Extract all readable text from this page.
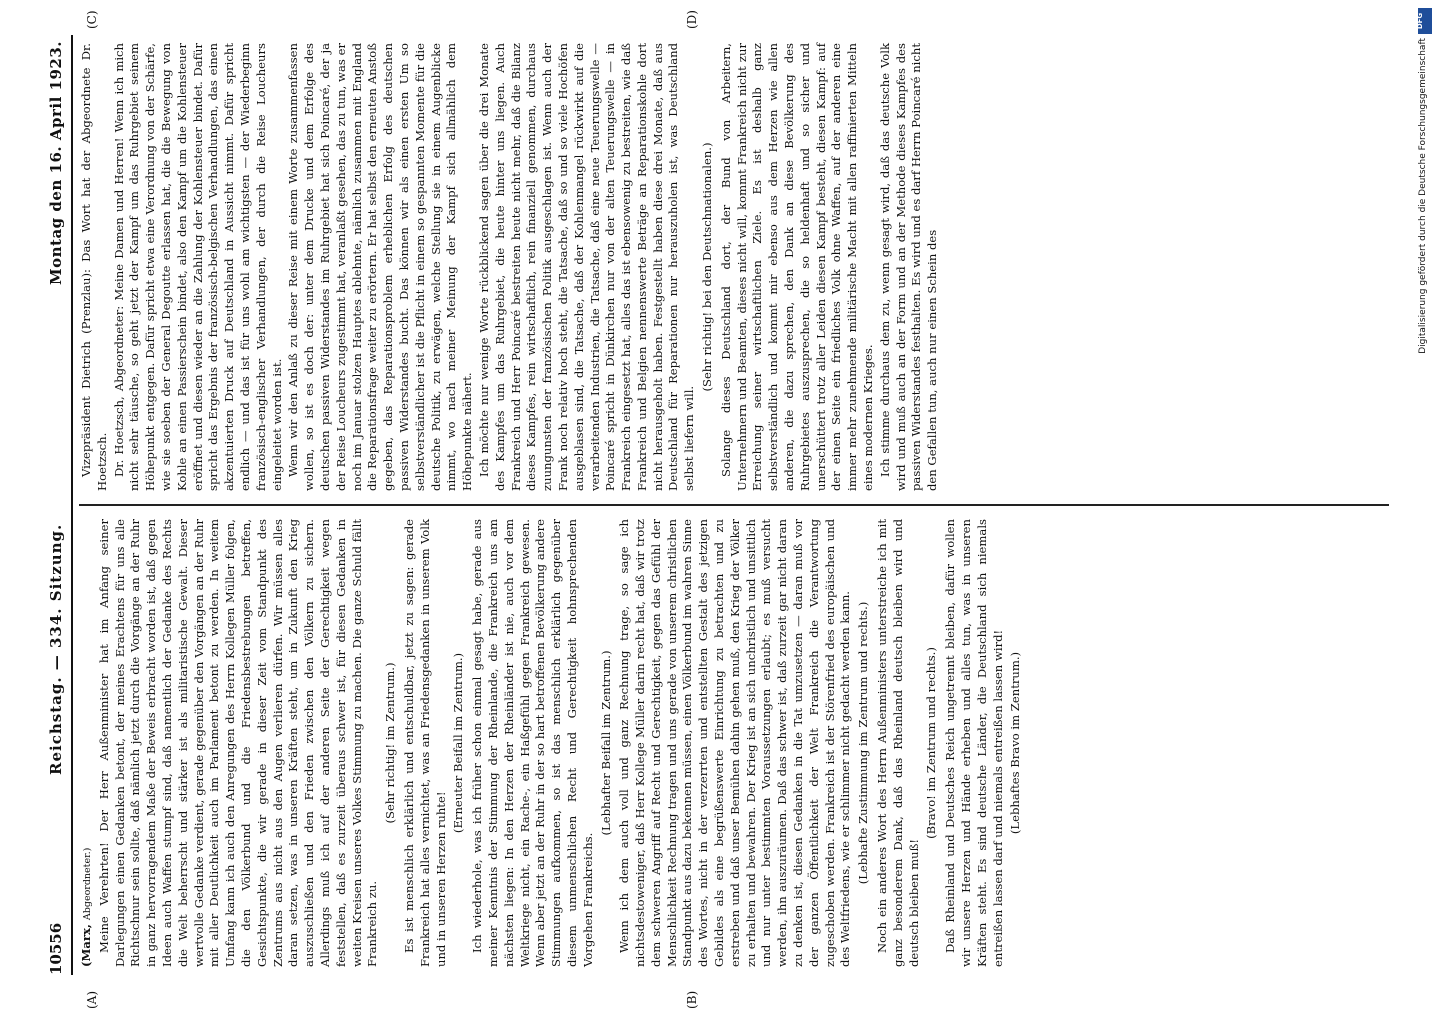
10556
Reichstag. — 334. Sitzung.
Montag den 16. April 1923.
(A)	(B)
(C)	(D)

(Marx, Abgeordneter.) Meine Verehrten! Der Herr Außenminister hat im Anfang seiner Darlegungen einen Gedanken betont, der meines Erachtens für uns alle Richtschnur sein sollte, daß nämlich jetzt durch die Vorgänge an der Ruhr in ganz hervorragendem Maße der Beweis erbracht worden ist, daß gegen Ideen auch Waffen stumpf sind, daß namentlich der Gedanke des Rechts die Welt beherrscht und stärker ist als militaristische Gewalt. Dieser wertvolle Gedanke verdient, gerade gegenüber den Vorgängen an der Ruhr mit aller Deutlichkeit auch im Parlament betont zu werden. In weitem Umfang kann ich auch den Anregungen des Herrn Kollegen Müller folgen, die den Völkerbund und die Friedensbestrebungen betreffen, Gesichtspunkte, die wir gerade in dieser Zeit vom Standpunkt des Zentrums aus nicht aus den Augen verlieren dürfen. Wir müssen alles daran setzen, was in unseren Kräften steht, um in Zukunft den Krieg auszuschließen und den Frieden zwischen den Völkern zu sichern. Allerdings muß ich auf der anderen Seite der Gerechtigkeit wegen feststellen, daß es zurzeit überaus schwer ist, für diesen Gedanken in weiten Kreisen unseres Volkes Stimmung zu machen. Die ganze Schuld fällt Frankreich zu.

(Sehr richtig! im Zentrum.) Es ist menschlich erklärlich und entschuldbar, jetzt zu sagen: gerade Frankreich hat alles vernichtet, was an Friedensgedanken in unserem Volk und in unseren Herzen ruhte!

(Erneuter Beifall im Zentrum.) Ich wiederhole, was ich früher schon einmal gesagt habe, gerade aus meiner Kenntnis der Stimmung der Rheinlande, die Frankreich uns am nächsten liegen: In den Herzen der Rheinländer ist nie, auch vor dem Weltkriege nicht, ein Rache-, ein Haßgefühl gegen Frankreich gewesen. Wenn aber jetzt an der Ruhr in der so hart betroffenen Bevölkerung andere Stimmungen aufkommen, so ist das menschlich erklärlich gegenüber diesem unmenschlichen Recht und Gerechtigkeit hohnsprechenden Vorgehen Frankreichs.

(Lebhafter Beifall im Zentrum.) Wenn ich dem auch voll und ganz Rechnung trage, so sage ich nichtsdestoweniger, daß Herr Kollege Müller darin recht hat, daß wir trotz dem schweren Angriff auf Recht und Gerechtigkeit, gegen das Gefühl der Menschlichkeit Rechnung tragen und uns gerade von unserem christlichen Standpunkt aus dazu bekennen müssen, einen Völkerbund im wahren Sinne des Wortes, nicht in der verzerrten und entstellten Gestalt des jetzigen Gebildes als eine begrüßenswerte Einrichtung zu betrachten und zu erstreben und daß unser Bemühen dahin gehen muß, den Krieg der Völker zu erhalten und bewahren. Der Krieg ist an sich unchristlich und unsittlich und nur unter bestimmten Voraussetzungen erlaubt; es muß versucht werden, ihn auszuräumen. Daß das schwer ist, daß zurzeit gar nicht daran zu denken ist, diesen Gedanken in die Tat umzusetzen — daran muß vor der ganzen Öffentlichkeit der Welt Frankreich die Verantwortung zugeschoben werden. Frankreich ist der Störenfried des europäischen und des Weltfriedens, wie er schlimmer nicht gedacht werden kann. (Lebhafte Zustimmung im Zentrum und rechts.) Noch ein anderes Wort des Herrn Außenministers unterstreiche ich mit ganz besonderem Dank, daß das Rheinland deutsch bleiben wird und deutsch bleiben muß!

(Bravo! im Zentrum und rechts.) Daß Rheinland und Deutsches Reich ungetrennt bleiben, dafür wollen wir unsere Herzen und Hände erheben und alles tun, was in unseren Kräften steht. Es sind deutsche Länder, die Deutschland sich niemals entreißen lassen darf und niemals entreißen lassen wird! (Lebhaftes Bravo im Zentrum.)

Vizepräsident Dietrich (Prenzlau): Das Wort hat der Abgeordnete Dr. Hoetzsch. Dr. Hoetzsch, Abgeordneter: Meine Damen und Herren! Wenn ich mich nicht sehr täusche, so geht jetzt der Kampf um das Ruhrgebiet seinem Höhepunkt entgegen. Dafür spricht etwa eine Verordnung von der Schärfe, wie sie soeben der General Degoutte erlassen hat, die die Bewegung von Kohle an einen Passierschein bindet, also den Kampf um die Kohlensteuer eröffnet und diesen wieder an die Zahlung der Kohlensteuer bindet. Dafür spricht das Ergebnis der französisch-belgischen Verhandlungen, das einen akzentuierten Druck auf Deutschland in Aussicht nimmt. Dafür spricht endlich — und das ist für uns wohl am wichtigsten — der Wiederbeginn französisch-englischer Verhandlungen, der durch die Reise Loucheurs eingeleitet worden ist. Wenn wir den Anlaß zu dieser Reise mit einem Worte zusammenfassen wollen, so ist es doch der: unter dem Drucke und dem Erfolge des deutschen passiven Widerstandes im Ruhrgebiet hat sich Poincaré, der ja der Reise Loucheurs zugestimmt hat, veranlaßt gesehen, das zu tun, was er noch im Januar stolzen Hauptes ablehnte, nämlich zusammen mit England die Reparationsfrage weiter zu erörtern. Er hat selbst den erneuten Anstoß gegeben, das Reparationsproblem erheblichen Erfolg des deutschen passiven Widerstandes bucht. Das können wir als einen ersten Um so selbstverständlicher ist die Pflicht in einem so gespannten Momente für die deutsche Politik, zu erwägen, welche Stellung sie in einem Augenblicke nimmt, wo nach meiner Meinung der Kampf sich allmählich dem Höhepunkte nähert. Ich möchte nur wenige Worte rückblickend sagen über die drei Monate des Kampfes um das Ruhrgebiet, die heute hinter uns liegen. Auch Frankreich und Herr Poincaré bestreiten heute nicht mehr, daß die Bilanz dieses Kampfes, rein wirtschaftlich, rein finanziell genommen, durchaus zuungunsten der französischen Politik ausgeschlagen ist. Wenn auch der Frank noch relativ hoch steht, die Tatsache, daß so und so viele Hochöfen ausgeblasen sind, die Tatsache, daß der Kohlenmangel rückwirkt auf die verarbeitenden Industrien, die Tatsache, daß eine neue Teuerungswelle — Poincaré spricht in Dünkirchen nur von der alten Teuerungswelle — in Frankreich eingesetzt hat, alles das ist ebensowenig zu bestreiten, wie daß Frankreich und Belgien nennenswerte Beträge an Reparationskohle dort nicht herausgeholt haben. Festgestellt haben diese drei Monate, daß aus Deutschland für Reparationen nur herauszuholen ist, was Deutschland selbst liefern will.

(Sehr richtig! bei den Deutschnationalen.) Solange dieses Deutschland dort, der Bund von Arbeitern, Unternehmern und Beamten, dieses nicht will, kommt Frankreich nicht zur Erreichung seiner wirtschaftlichen Ziele. Es ist deshalb ganz selbstverständlich und kommt mir ebenso aus dem Herzen wie allen anderen, die dazu sprechen, den Dank an diese Bevölkerung des Ruhrgebietes auszusprechen, die so heldenhaft und so sicher und unerschüttert trotz aller Leiden diesen Kampf besteht, diesen Kampf: auf der einen Seite ein friedliches Volk ohne Waffen, auf der anderen eine immer mehr zunehmende militärische Macht mit allen raffinierten Mitteln eines modernen Krieges. Ich stimme durchaus dem zu, wenn gesagt wird, daß das deutsche Volk wird und muß auch an der Form und an der Methode dieses Kampfes des passiven Widerstandes festhalten. Es wird und es darf Herrn Poincaré nicht den Gefallen tun, auch nur einen Schein des

DFG
Digitalisierung gefördert durch die Deutsche Forschungsgemeinschaft
